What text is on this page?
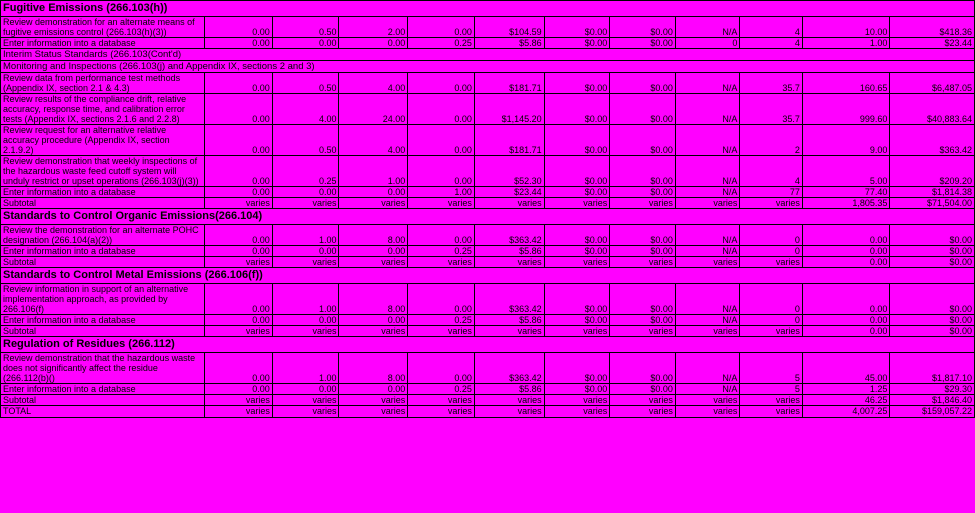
Fugitive Emissions (266.103(h))											
Review demonstration for an alternate means of fugitive emissions control (266.103(h)(3))	0.00	0.50	2.00	0.00	$104.59	$0.00	$0.00	N/A	4	10.00	$418.36
Enter information into a database	0.00	0.00	0.00	0.25	$5.86	$0.00	$0.00	0	4	1.00	$23.44
Interim Status Standards (266.103(Cont'd)											
Monitoring and Inspections (266.103(j) and Appendix IX, sections 2 and 3)											
Review data from performance test methods (Appendix IX, section 2.1 & 4.3)	0.00	0.50	4.00	0.00	$181.71	$0.00	$0.00	N/A	35.7	160.65	$6,487.05
Review results of the compliance drift, relative accuracy, response time, and calibration error tests (Appendix IX, sections 2.1.6 and 2.2.8)	0.00	4.00	24.00	0.00	$1,145.20	$0.00	$0.00	N/A	35.7	999.60	$40,883.64
Review request for an alternative relative accuracy procedure (Appendix IX, section 2.1.9.2)	0.00	0.50	4.00	0.00	$181.71	$0.00	$0.00	N/A	2	9.00	$363.42
Review demonstration that weekly inspections of the hazardous waste feed cutoff system will unduly restrict or upset operations (266.103(j)(3))	0.00	0.25	1.00	0.00	$52.30	$0.00	$0.00	N/A	4	5.00	$209.20
Enter information into a database	0.00	0.00	0.00	1.00	$23.44	$0.00	$0.00	N/A	77	77.40	$1,814.38
Subtotal	varies	varies	varies	varies	varies	varies	varies	varies	varies	1,805.35	$71,504.00
Standards to Control Organic Emissions(266.104)											
Review the demonstration for an alternate POHC designation (266.104(a)(2))	0.00	1.00	8.00	0.00	$363.42	$0.00	$0.00	N/A	0	0.00	$0.00
Enter information into a database	0.00	0.00	0.00	0.25	$5.86	$0.00	$0.00	N/A	0	0.00	$0.00
Subtotal	varies	varies	varies	varies	varies	varies	varies	varies	varies	0.00	$0.00
Standards to Control Metal Emissions (266.106(f))											
Review information in support of an alternative implementation approach, as provided by 266.106(f)	0.00	1.00	8.00	0.00	$363.42	$0.00	$0.00	N/A	0	0.00	$0.00
Enter information into a database	0.00	0.00	0.00	0.25	$5.86	$0.00	$0.00	N/A	0	0.00	$0.00
Subtotal	varies	varies	varies	varies	varies	varies	varies	varies	varies	0.00	$0.00
Regulation of Residues (266.112)											
Review demonstration that the hazardous waste does not significantly affect the residue (266.112(b)()	0.00	1.00	8.00	0.00	$363.42	$0.00	$0.00	N/A	5	45.00	$1,817.10
Enter information into a database	0.00	0.00	0.00	0.25	$5.86	$0.00	$0.00	N/A	5	1.25	$29.30
Subtotal	varies	varies	varies	varies	varies	varies	varies	varies	varies	46.25	$1,846.40
TOTAL	varies	varies	varies	varies	varies	varies	varies	varies	varies	4,007.25	$159,057.22
